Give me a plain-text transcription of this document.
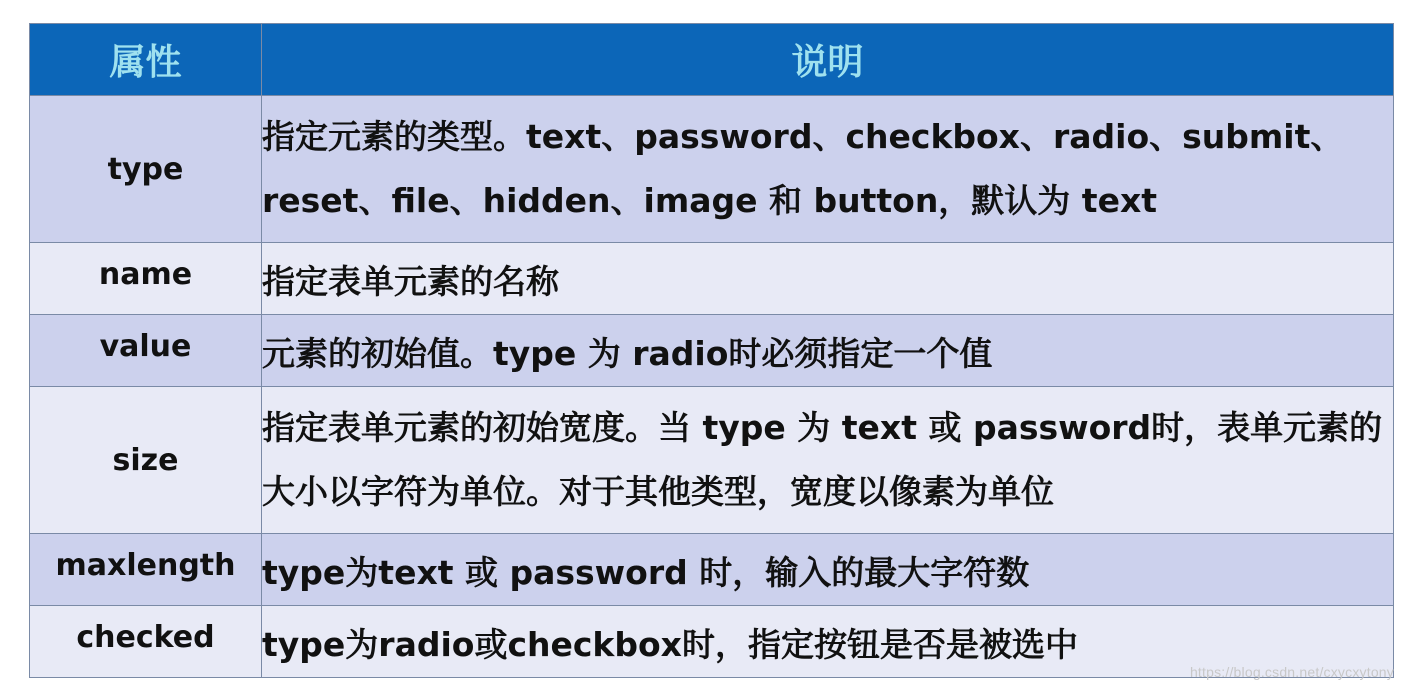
属性	说明
type	指定元素的类型。text、password、checkbox、radio、submit、reset、file、hidden、image 和 button，默认为 text
name	指定表单元素的名称
value	元素的初始值。type 为 radio时必须指定一个值
size	指定表单元素的初始宽度。当 type 为 text 或 password时，表单元素的大小以字符为单位。对于其他类型，宽度以像素为单位
maxlength	type为text 或 password 时，输入的最大字符数
checked	type为radio或checkbox时，指定按钮是否是被选中
https://blog.csdn.net/cxycxytony
